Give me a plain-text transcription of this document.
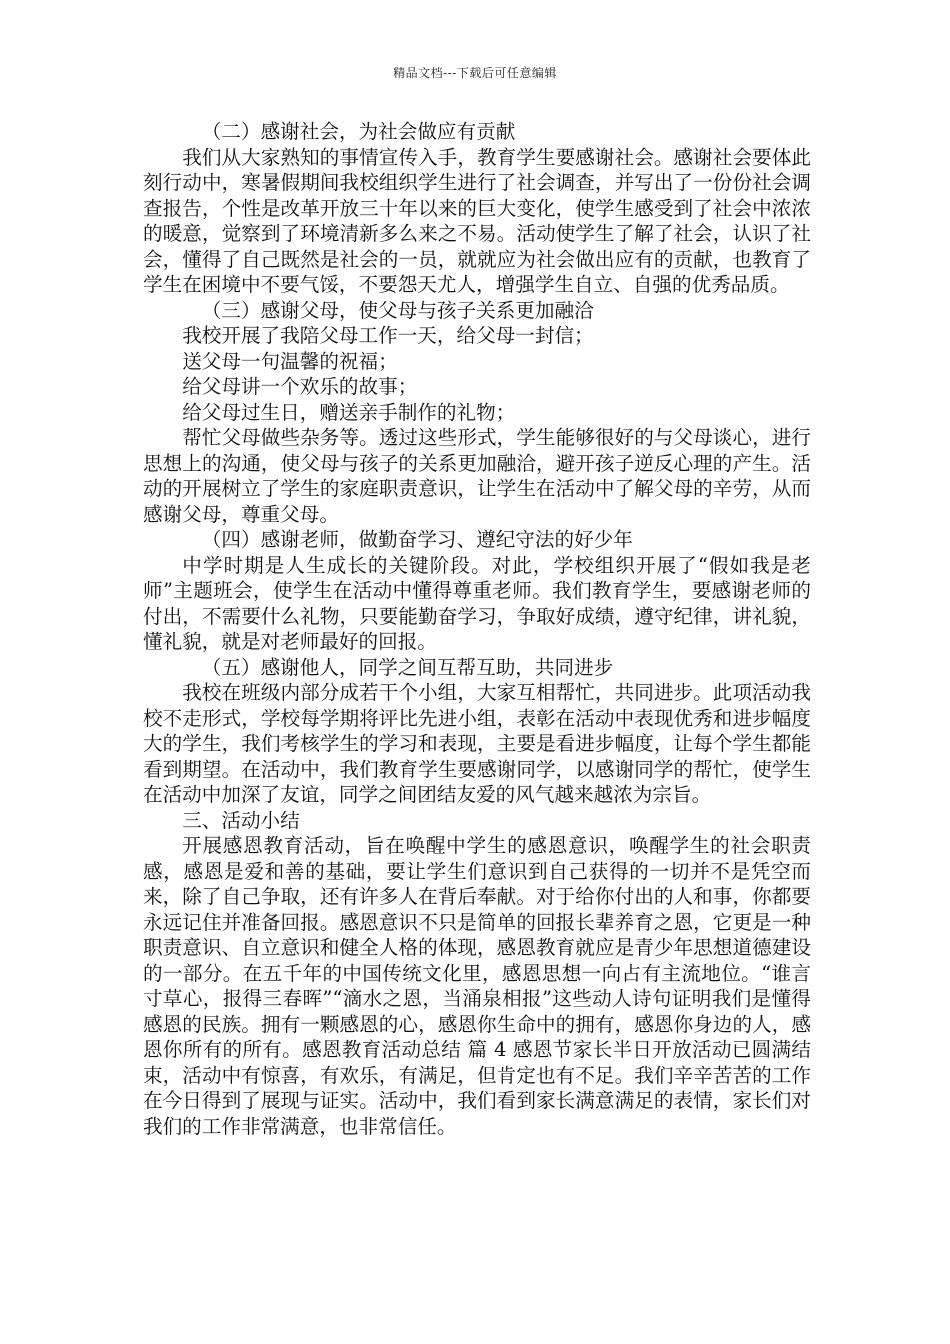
精品文档---下载后可任意编辑

（二）感谢社会，为社会做应有贡献

我们从大家熟知的事情宣传入手，教育学生要感谢社会。感谢社会要体此刻行动中，寒暑假期间我校组织学生进行了社会调查，并写出了一份份社会调查报告，个性是改革开放三十年以来的巨大变化，使学生感受到了社会中浓浓的暖意，觉察到了环境清新多么来之不易。活动使学生了解了社会，认识了社会，懂得了自己既然是社会的一员，就就应为社会做出应有的贡献，也教育了学生在困境中不要气馁，不要怨天尤人，增强学生自立、自强的优秀品质。

（三）感谢父母，使父母与孩子关系更加融洽

我校开展了我陪父母工作一天，给父母一封信；

送父母一句温馨的祝福；

给父母讲一个欢乐的故事；

给父母过生日，赠送亲手制作的礼物；

帮忙父母做些杂务等。透过这些形式，学生能够很好的与父母谈心，进行思想上的沟通，使父母与孩子的关系更加融洽，避开孩子逆反心理的产生。活动的开展树立了学生的家庭职责意识，让学生在活动中了解父母的辛劳，从而感谢父母，尊重父母。

（四）感谢老师，做勤奋学习、遵纪守法的好少年

中学时期是人生成长的关键阶段。对此，学校组织开展了“假如我是老师”主题班会，使学生在活动中懂得尊重老师。我们教育学生，要感谢老师的付出，不需要什么礼物，只要能勤奋学习，争取好成绩，遵守纪律，讲礼貌，懂礼貌，就是对老师最好的回报。

（五）感谢他人，同学之间互帮互助，共同进步

我校在班级内部分成若干个小组，大家互相帮忙，共同进步。此项活动我校不走形式，学校每学期将评比先进小组，表彰在活动中表现优秀和进步幅度大的学生，我们考核学生的学习和表现，主要是看进步幅度，让每个学生都能看到期望。在活动中，我们教育学生要感谢同学，以感谢同学的帮忙，使学生在活动中加深了友谊，同学之间团结友爱的风气越来越浓为宗旨。

三、活动小结

开展感恩教育活动，旨在唤醒中学生的感恩意识，唤醒学生的社会职责感，感恩是爱和善的基础，要让学生们意识到自己获得的一切并不是凭空而来，除了自己争取，还有许多人在背后奉献。对于给你付出的人和事，你都要永远记住并准备回报。感恩意识不只是简单的回报长辈养育之恩，它更是一种职责意识、自立意识和健全人格的体现，感恩教育就应是青少年思想道德建设的一部分。在五千年的中国传统文化里，感恩思想一向占有主流地位。“谁言寸草心，报得三春晖”“滴水之恩，当涌泉相报”这些动人诗句证明我们是懂得感恩的民族。拥有一颗感恩的心，感恩你生命中的拥有，感恩你身边的人，感恩你所有的所有。感恩教育活动总结 篇 4 感恩节家长半日开放活动已圆满结束，活动中有惊喜，有欢乐，有满足，但肯定也有不足。我们辛辛苦苦的工作在今日得到了展现与证实。活动中，我们看到家长满意满足的表情，家长们对我们的工作非常满意，也非常信任。
